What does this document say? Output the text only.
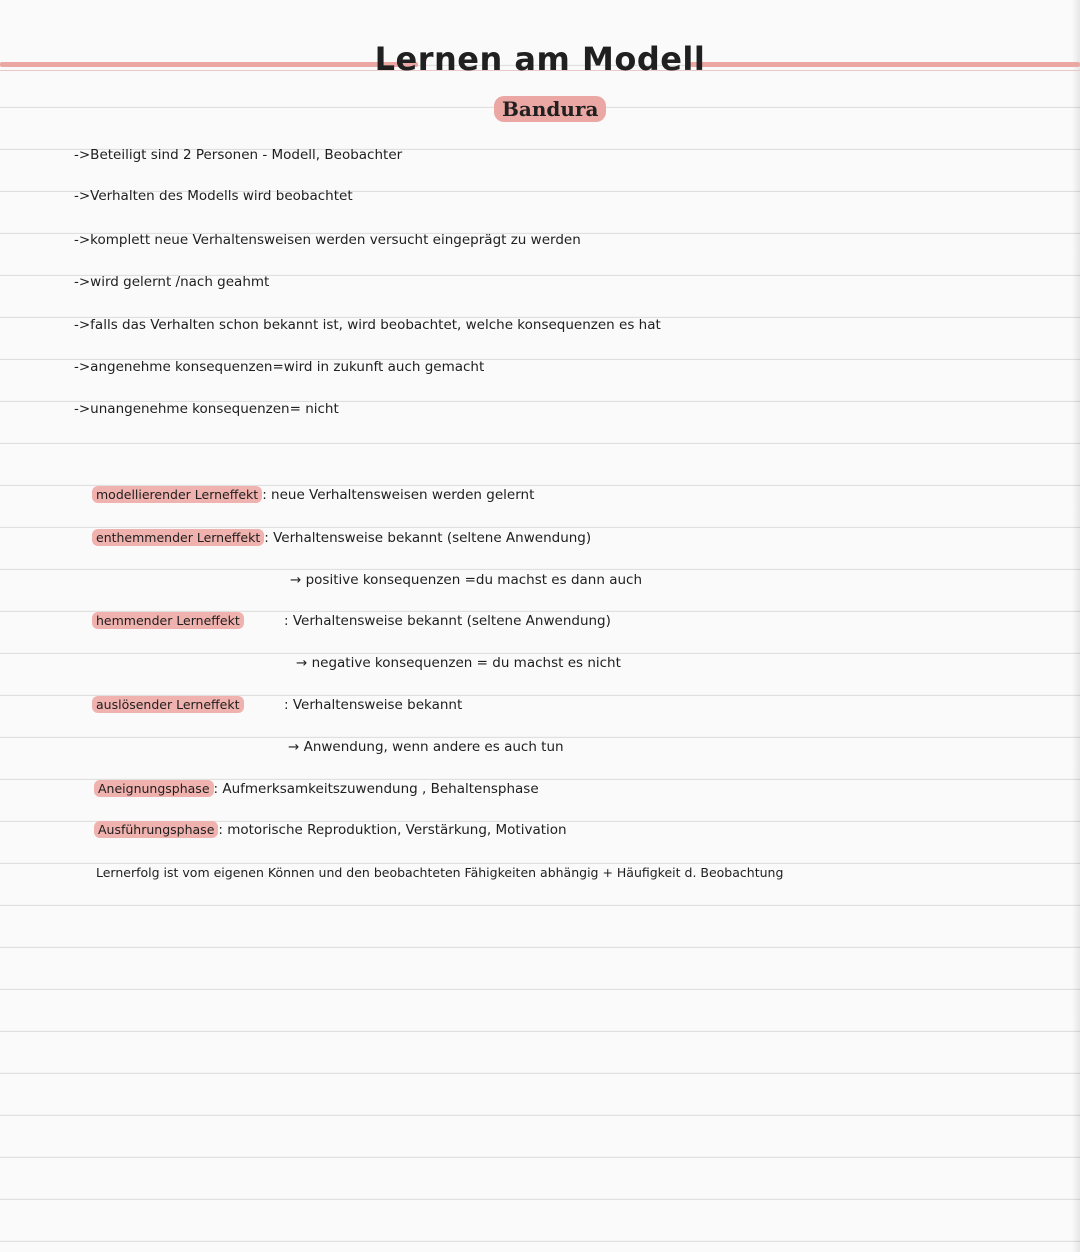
Lernen am Modell
Bandura
->Beteiligt sind 2 Personen - Modell, Beobachter
->Verhalten des Modells wird beobachtet
->komplett neue Verhaltensweisen werden versucht eingeprägt zu werden
->wird gelernt /nach geahmt
->falls das Verhalten schon bekannt ist, wird beobachtet, welche konsequenzen es hat
->angenehme konsequenzen=wird in zukunft auch gemacht
->unangenehme konsequenzen= nicht
modellierender Lerneffekt : neue Verhaltensweisen werden gelernt
enthemmender Lerneffekt : Verhaltensweise bekannt (seltene Anwendung)
→ positive konsequenzen =du machst es dann auch
hemmender Lerneffekt	: Verhaltensweise bekannt (seltene Anwendung)
→ negative konsequenzen = du machst es nicht
auslösender Lerneffekt	: Verhaltensweise bekannt
→ Anwendung, wenn andere es auch tun
Aneignungsphase : Aufmerksamkeitszuwendung , Behaltensphase
Ausführungsphase : motorische Reproduktion, Verstärkung, Motivation
Lernerfolg ist vom eigenen Können und den beobachteten Fähigkeiten abhängig + Häufigkeit d. Beobachtung
